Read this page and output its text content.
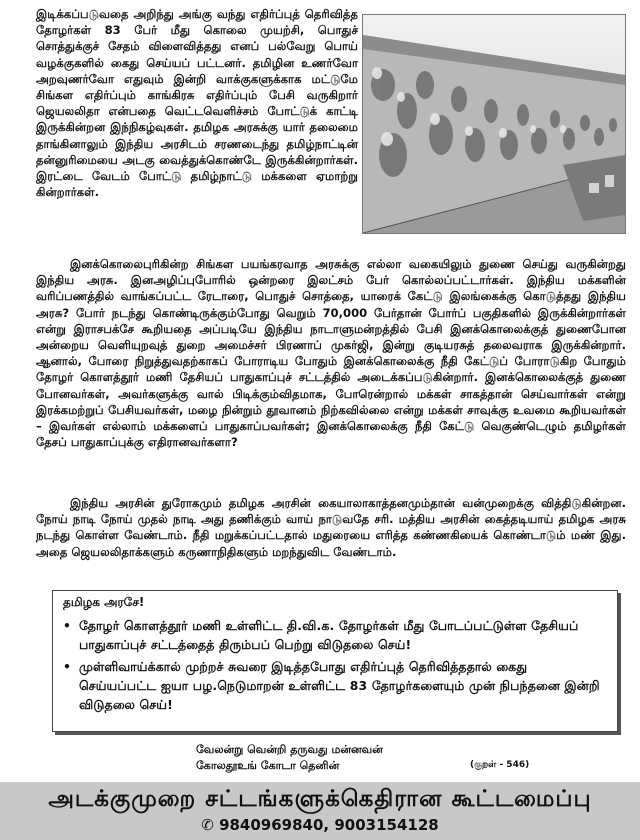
இடிக்கப்படுவதை அறிந்து அங்கு வந்து எதிர்ப்புத் தெரிவித்த தோழர்கள் 83 பேர் மீது கொலை முயற்சி, பொதுச் சொத்துக்குச் சேதம் விளைவித்தது எனப் பல்வேறு பொய் வழக்குகளில் கைது செய்யப் பட்டனர். தமிழின உணர்வோ அறவுணர்வோ எதுவும் இன்றி வாக்குகளுக்காக மட்டுமே சிங்கள எதிர்ப்பும் காங்கிரசு எதிர்ப்பும் பேசி வருகிறார் ஜெயலலிதா என்பதை வெட்டவெளிச்சம் போட்டுக் காட்டி இருக்கின்றன இந்நிகழ்வுகள். தமிழக அரசுக்கு யார் தலைமை தாங்கினாலும் இந்திய அரசிடம் சரணடைந்து தமிழ்நாட்டின் தன்னுரிமையை அடகு வைத்துக்கொண்டே இருக்கின்றார்கள். இரட்டை வேடம் போட்டு தமிழ்நாட்டு மக்களை ஏமாற்று கின்றார்கள்.

இனக்கொலைபுரிகின்ற சிங்கள பயங்கரவாத அரசுக்கு எல்லா வகையிலும் துணை செய்து வருகின்றது இந்திய அரசு. இனஅழிப்புபோரில் ஒன்றரை இலட்சம் பேர் கொல்லப்பட்டார்கள். இந்திய மக்களின் வரிப்பணத்தில் வாங்கப்பட்ட ரேடாரை, பொதுச் சொத்தை, யாரைக் கேட்டு இலங்கைக்கு கொடுத்தது இந்திய அரசு? போர் நடந்து கொண்டிருக்கும்போது வெறும் 70,000 பேர்தான் போர்ப் பகுதிகளில் இருக்கின்றார்கள் என்று இராசபக்சே கூறியதை அப்படியே இந்திய நாடாளுமன்றத்தில் பேசி இனக்கொலைக்குத் துணைபோன அன்றைய வெளியுறவுத் துறை அமைச்சர் பிரணாப் முகர்ஜி, இன்று குடியரசுத் தலைவராக இருக்கின்றார். ஆனால், போரை நிறுத்துவதற்காகப் போராடிய போதும் இனக்கொலைக்கு நீதி கேட்டுப் போராடுகிற போதும் தோழர் கொளத்தூர் மணி தேசியப் பாதுகாப்புச் சட்டத்தில் அடைக்கப்படுகின்றார். இனக்கொலைக்குத் துணை போனவர்கள், அவர்களுக்கு வால் பிடிக்கும்விதமாக, போரென்றால் மக்கள் சாகத்தான் செய்வார்கள் என்று இரக்கமற்றுப் பேசியவர்கள், மழை நின்றும் தூவானம் நிற்கவில்லை என்று மக்கள் சாவுக்கு உவமை கூறியவர்கள் – இவர்கள் எல்லாம் மக்களைப் பாதுகாப்பவர்கள்; இனக்கொலைக்கு நீதி கேட்டு வெகுண்டெழும் தமிழர்கள் தேசப் பாதுகாப்புக்கு எதிரானவர்களா?

இந்திய அரசின் துரோகமும் தமிழக அரசின் கையாலாகாத்தனமும்தான் வன்முறைக்கு வித்திடுகின்றன. நோய் நாடி நோய் முதல் நாடி அது தணிக்கும் வாய் நாடுவதே சரி. மத்திய அரசின் கைத்தடியாய் தமிழக அரசு நடந்து கொள்ள வேண்டாம். நீதி மறுக்கப்பட்டதால் மதுரையை எரித்த கண்ணகியைக் கொண்டாடும் மண் இது. அதை ஜெயலலிதாக்களும் கருணாநிதிகளும் மறந்துவிட வேண்டாம்.

தமிழக அரசே!
• தோழர் கொளத்தூர் மணி உள்ளிட்ட தி.வி.க. தோழர்கள் மீது போடப்பட்டுள்ள தேசியப் பாதுகாப்புச் சட்டத்தைத் திரும்பப் பெற்று விடுதலை செய்!
• முள்ளிவாய்க்கால் முற்றச் சுவரை இடித்தபோது எதிர்ப்புத் தெரிவித்ததால் கைது செய்யப்பட்ட ஐயா பழ.நெடுமாறன் உள்ளிட்ட 83 தோழர்களையும் முன் நிபந்தனை இன்றி விடுதலை செய்!
வேலன்று வென்றி தருவது மன்னவன்
கோலதூஉங் கோடா தெனின்	(குறள் - 546)
அடக்குமுறை சட்டங்களுக்கெதிரான கூட்டமைப்பு
✆ 9840969840, 9003154128
